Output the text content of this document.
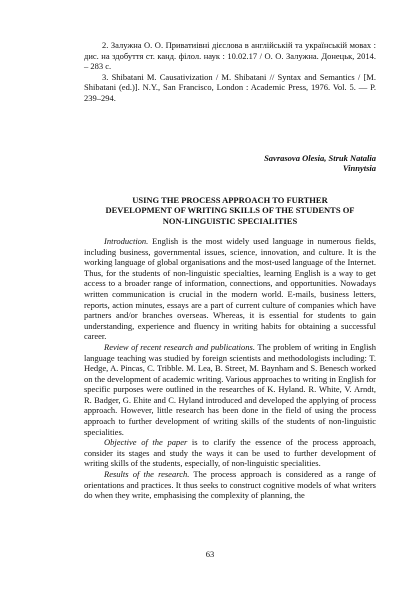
2. Залужна О. О. Приватиівні дієслова в англійській та українській мовах : дис. на здобуття ст. канд. філол. наук : 10.02.17 / О. О. Залужна. Донецьк, 2014. – 283 с.

3. Shibatani M. Causativization / M. Shibatani // Syntax and Semantics / [M. Shibatani (ed.)]. N.Y., San Francisco, London : Academic Press, 1976. Vol. 5. — P. 239–294.

Savrasova Olesia, Struk Natalia
Vinnytsia
USING THE PROCESS APPROACH TO FURTHER
DEVELOPMENT OF WRITING SKILLS OF THE STUDENTS OF
NON-LINGUISTIC SPECIALITIES

Introduction. English is the most widely used language in numerous fields, including business, governmental issues, science, innovation, and culture. It is the working language of global organisations and the most-used language of the Internet. Thus, for the students of non-linguistic specialties, learning English is a way to get access to a broader range of information, connections, and opportunities. Nowadays written communication is crucial in the modern world. E-mails, business letters, reports, action minutes, essays are a part of current culture of companies which have partners and/or branches overseas. Whereas, it is essential for students to gain understanding, experience and fluency in writing habits for obtaining a successful career.

Review of recent research and publications. The problem of writing in English language teaching was studied by foreign scientists and methodologists including: T. Hedge, A. Pincas, C. Tribble. M. Lea, B. Street, M. Baynham and S. Benesch worked on the development of academic writing. Various approaches to writing in English for specific purposes were outlined in the researches of K. Hyland. R. White, V. Arndt, R. Badger, G. Ehite and C. Hyland introduced and developed the applying of process approach. However, little research has been done in the field of using the process approach to further development of writing skills of the students of non-linguistic specialities.

Objective of the paper is to clarify the essence of the process approach, consider its stages and study the ways it can be used to further development of writing skills of the students, especially, of non-linguistic specialities.

Results of the research. The process approach is considered as a range of orientations and practices. It thus seeks to construct cognitive models of what writers do when they write, emphasising the complexity of planning, the

63
